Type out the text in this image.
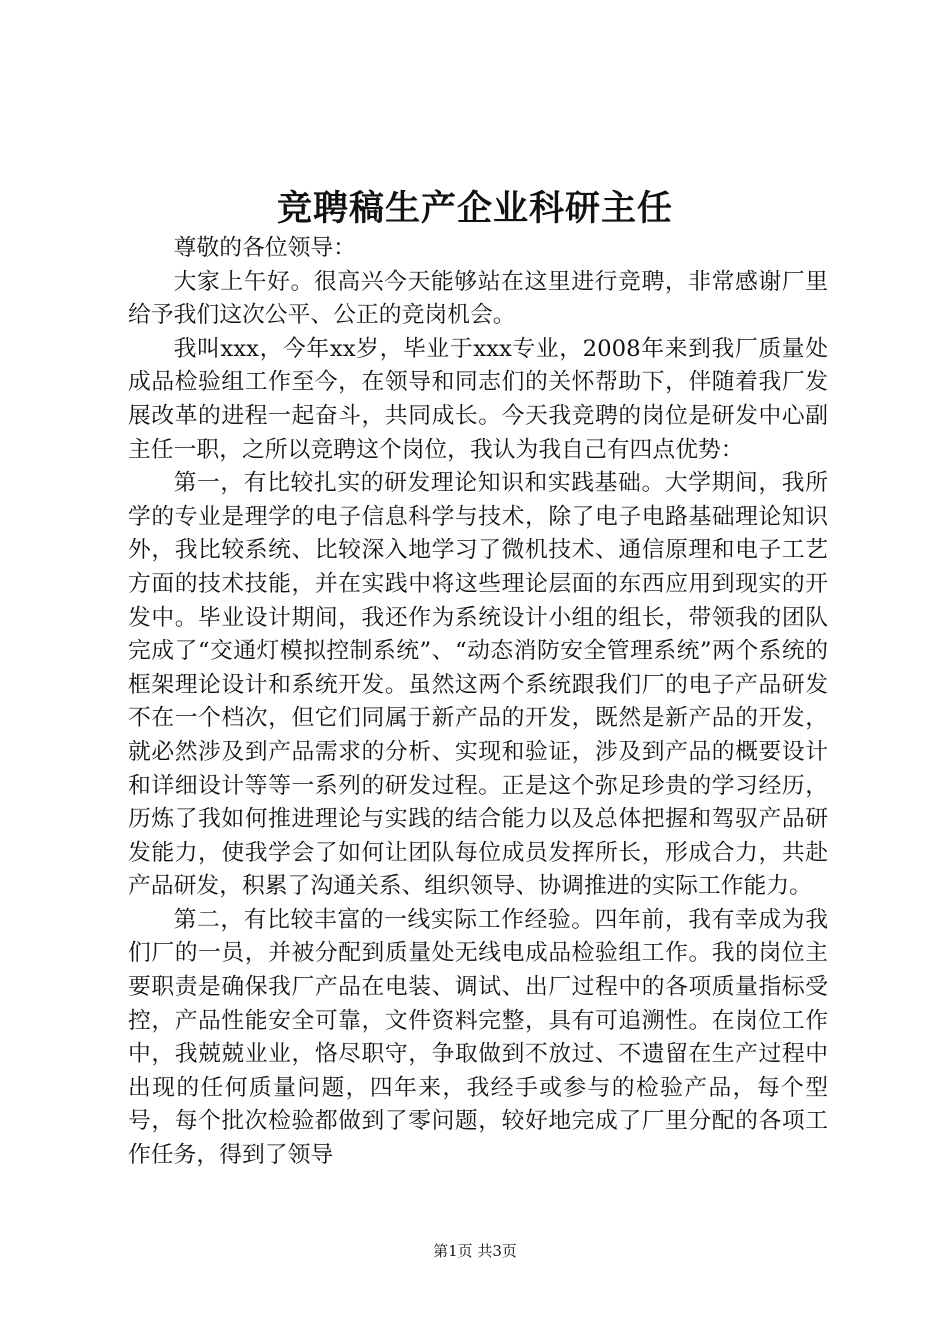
竞聘稿生产企业科研主任

尊敬的各位领导：

大家上午好。很高兴今天能够站在这里进行竞聘，非常感谢厂里给予我们这次公平、公正的竞岗机会。

我叫xxx，今年xx岁，毕业于xxx专业，2008年来到我厂质量处成品检验组工作至今，在领导和同志们的关怀帮助下，伴随着我厂发展改革的进程一起奋斗，共同成长。今天我竞聘的岗位是研发中心副主任一职，之所以竞聘这个岗位，我认为我自己有四点优势：

第一，有比较扎实的研发理论知识和实践基础。大学期间，我所学的专业是理学的电子信息科学与技术，除了电子电路基础理论知识外，我比较系统、比较深入地学习了微机技术、通信原理和电子工艺方面的技术技能，并在实践中将这些理论层面的东西应用到现实的开发中。毕业设计期间，我还作为系统设计小组的组长，带领我的团队完成了“交通灯模拟控制系统”、“动态消防安全管理系统”两个系统的框架理论设计和系统开发。虽然这两个系统跟我们厂的电子产品研发不在一个档次，但它们同属于新产品的开发，既然是新产品的开发，就必然涉及到产品需求的分析、实现和验证，涉及到产品的概要设计和详细设计等等一系列的研发过程。正是这个弥足珍贵的学习经历，历炼了我如何推进理论与实践的结合能力以及总体把握和驾驭产品研发能力，使我学会了如何让团队每位成员发挥所长，形成合力，共赴产品研发，积累了沟通关系、组织领导、协调推进的实际工作能力。

第二，有比较丰富的一线实际工作经验。四年前，我有幸成为我们厂的一员，并被分配到质量处无线电成品检验组工作。我的岗位主要职责是确保我厂产品在电装、调试、出厂过程中的各项质量指标受控，产品性能安全可靠，文件资料完整，具有可追溯性。在岗位工作中，我兢兢业业，恪尽职守，争取做到不放过、不遗留在生产过程中出现的任何质量问题，四年来，我经手或参与的检验产品，每个型号，每个批次检验都做到了零问题，较好地完成了厂里分配的各项工作任务，得到了领导

第1页 共3页
